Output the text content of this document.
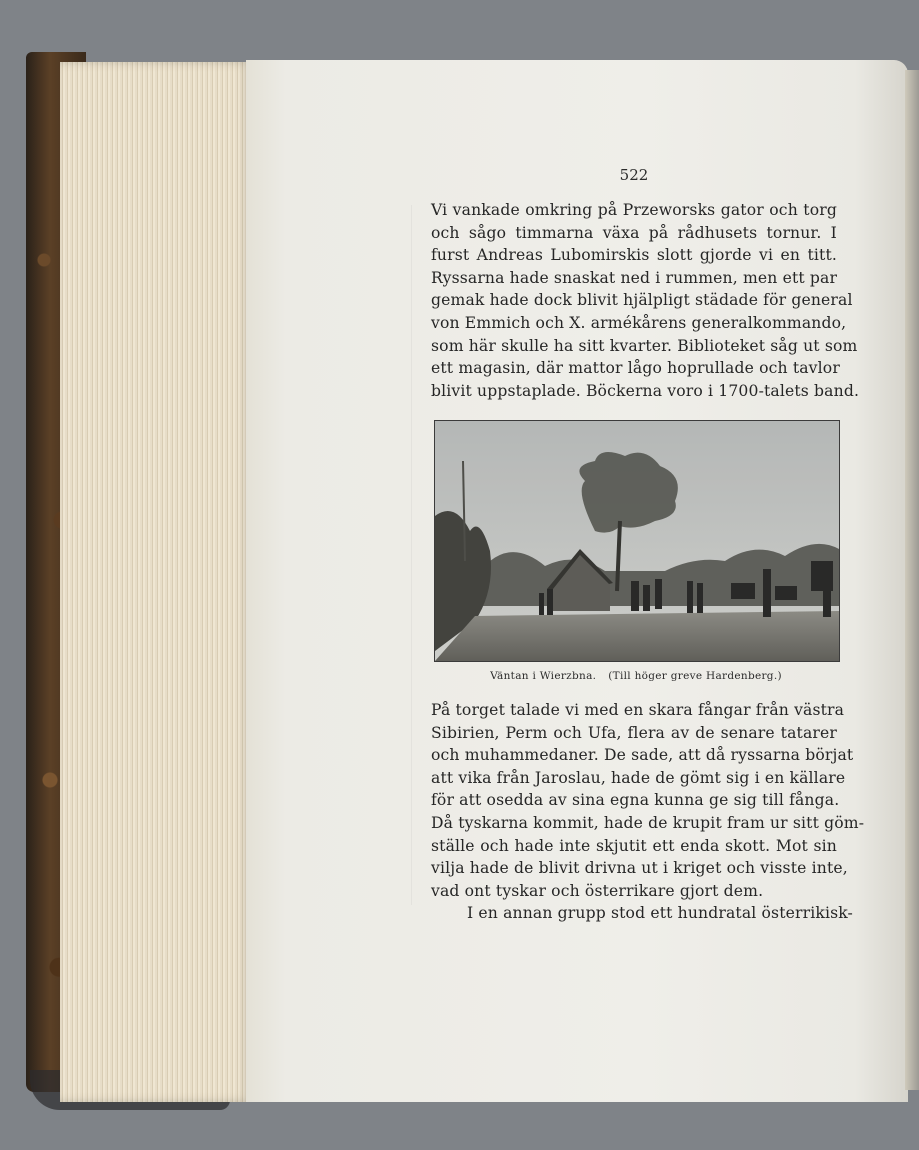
522
Vi vankade omkring på Przeworsks gator och torg
och sågo timmarna växa på rådhusets tornur. I
furst Andreas Lubomirskis slott gjorde vi en titt.
Ryssarna hade snaskat ned i rummen, men ett par
gemak hade dock blivit hjälpligt städade för general
von Emmich och X. armékårens generalkommando,
som här skulle ha sitt kvarter. Biblioteket såg ut som
ett magasin, där mattor lågo hoprullade och tavlor
blivit uppstaplade. Böckerna voro i 1700-talets band.
Väntan i Wierzbna. (Till höger greve Hardenberg.)
På torget talade vi med en skara fångar från västra
Sibirien, Perm och Ufa, flera av de senare tatarer
och muhammedaner. De sade, att då ryssarna börjat
att vika från Jaroslau, hade de gömt sig i en källare
för att osedda av sina egna kunna ge sig till fånga.
Då tyskarna kommit, hade de krupit fram ur sitt göm-
ställe och hade inte skjutit ett enda skott. Mot sin
vilja hade de blivit drivna ut i kriget och visste inte,
vad ont tyskar och österrikare gjort dem.
I en annan grupp stod ett hundratal österrikisk-
